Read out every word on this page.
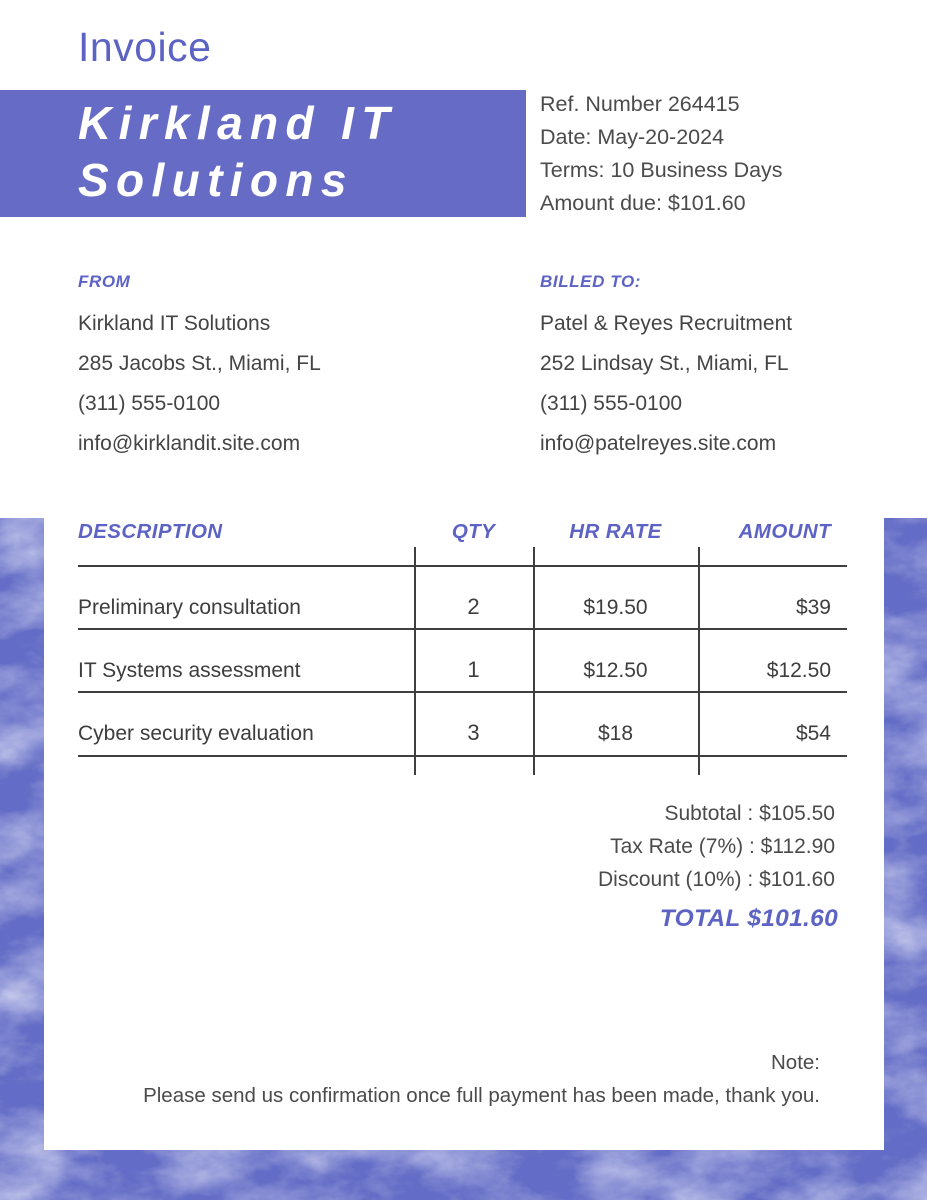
Invoice
Kirkland IT Solutions
Ref. Number 264415
Date: May-20-2024
Terms: 10 Business Days
Amount due: $101.60
FROM
Kirkland IT Solutions
285 Jacobs St., Miami, FL
(311) 555-0100
info@kirklandit.site.com
BILLED TO:
Patel & Reyes Recruitment
252 Lindsay St., Miami, FL
(311) 555-0100
info@patelreyes.site.com
DESCRIPTION	QTY	HR RATE	AMOUNT
Preliminary consultation	2	$19.50	$39
IT Systems assessment	1	$12.50	$12.50
Cyber security evaluation	3	$18	$54
Subtotal : $105.50
Tax Rate (7%) : $112.90
Discount (10%) : $101.60
TOTAL $101.60
Note:
Please send us confirmation once full payment has been made, thank you.
